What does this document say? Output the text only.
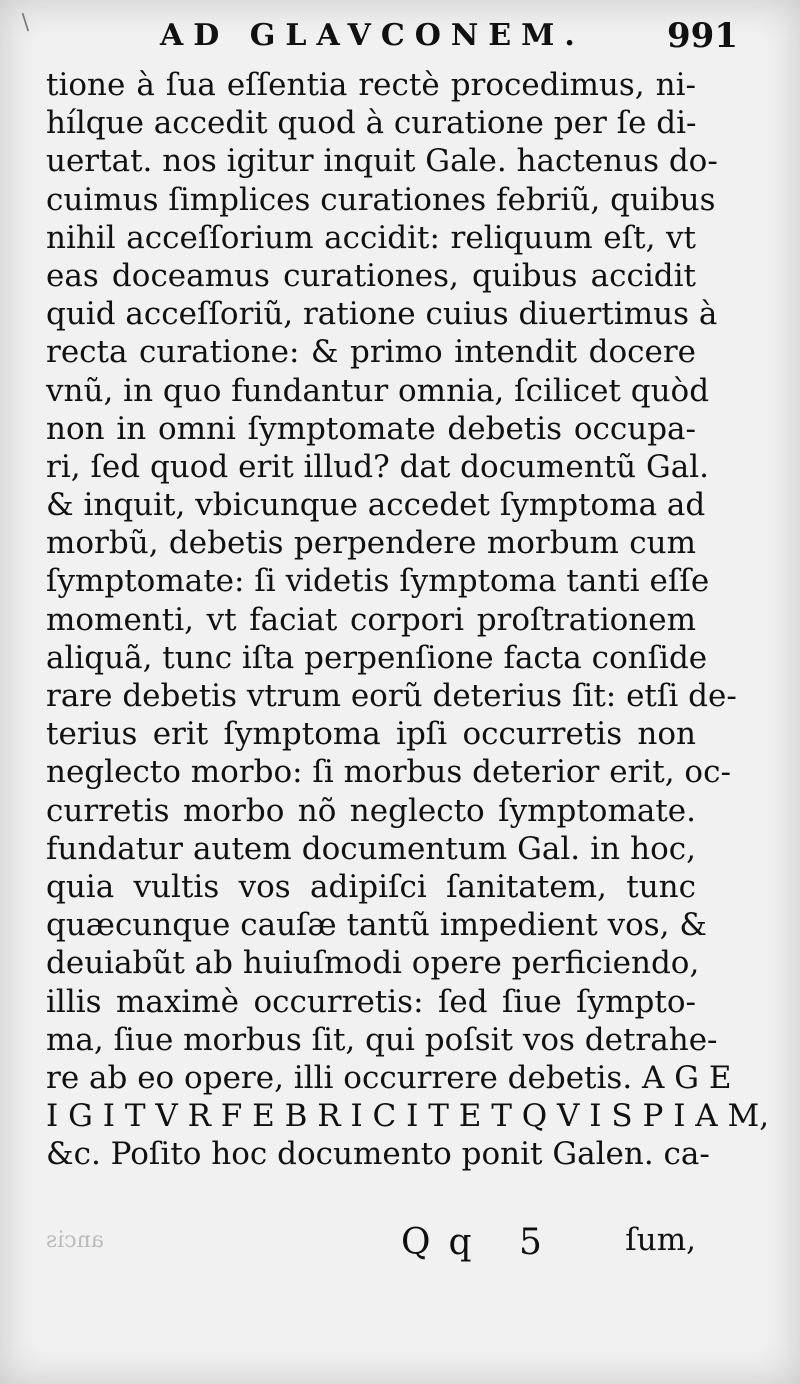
AD GLAVCONEM. 991
/
tione à ſua eſſentia rectè procedimus, ni-
hílque accedit quod à curatione per ſe di-
uertat. nos igitur inquit Gale. hactenus do-
cuimus ſimplices curationes febriũ, quibus
nihil acceſſorium accidit: reliquum eſt, vt
eas doceamus curationes, quibus accidit
quid acceſſoriũ, ratione cuius diuertimus à
recta curatione: & primo intendit docere
vnũ, in quo fundantur omnia, ſcilicet quòd
non in omni ſymptomate debetis occupa-
ri, ſed quod erit illud? dat documentũ Gal.
& inquit, vbicunque accedet ſymptoma ad
morbũ, debetis perpendere morbum cum
ſymptomate: ſi videtis ſymptoma tanti eſſe
momenti, vt faciat corpori proſtrationem
aliquã, tunc iſta perpenſione facta conſide
rare debetis vtrum eorũ deterius ſit: etſi de-
terius erit ſymptoma ipſi occurretis non
neglecto morbo: ſi morbus deterior erit, oc-
curretis morbo nõ neglecto ſymptomate.
fundatur autem documentum Gal. in hoc,
quia vultis vos adipiſci ſanitatem, tunc
quæcunque cauſæ tantũ impedient vos, &
deuiabũt ab huiuſmodi opere perficiendo,
illis maximè occurretis: ſed ſiue ſympto-
ma, ſiue morbus ſit, qui poſsit vos detrahe-
re ab eo opere, illi occurrere debetis. A G E
I G I T V R F E B R I C I T E T Q V I S P I A M,
&c. Poſito hoc documento ponit Galen. ca-
ancis	Qq 5 ſum,
